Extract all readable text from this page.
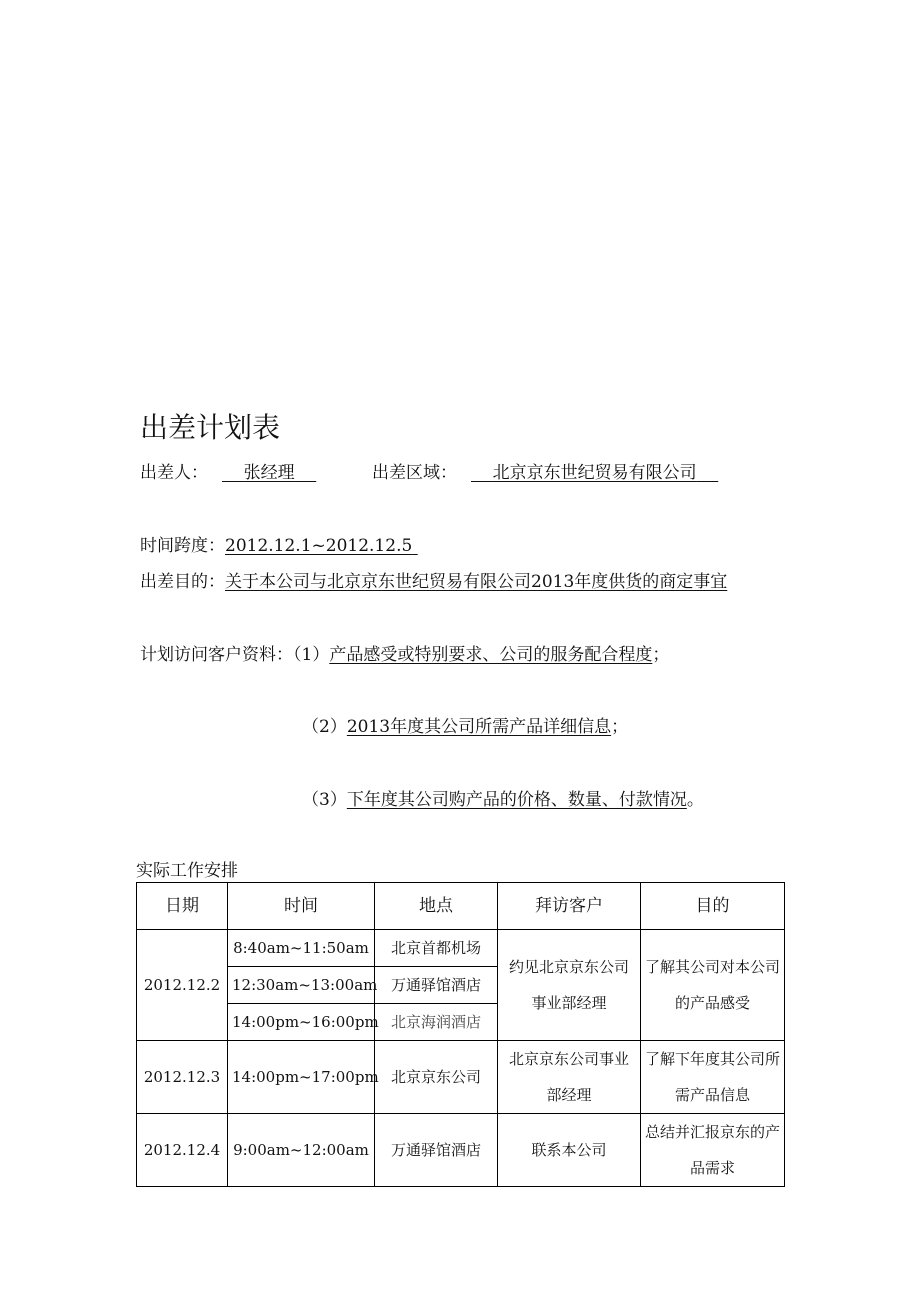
出差计划表
出差人： 张经理	出差区域： 北京京东世纪贸易有限公司
时间跨度：2012.12.1~2012.12.5
出差目的：关于本公司与北京京东世纪贸易有限公司2013年度供货的商定事宜
计划访问客户资料：（1）产品感受或特别要求、公司的服务配合程度；
（2）2013年度其公司所需产品详细信息；
（3）下年度其公司购产品的价格、数量、付款情况。
实际工作安排
日期	时间	地点	拜访客户	目的
2012.12.2	8:40am~11:50am	北京首都机场	约见北京京东公司事业部经理	了解其公司对本公司的产品感受
	12:30am~13:00am	万通驿馆酒店		
	14:00pm~16:00pm	北京海润酒店		
2012.12.3	14:00pm~17:00pm	北京京东公司	北京京东公司事业部经理	了解下年度其公司所需产品信息
2012.12.4	9:00am~12:00am	万通驿馆酒店	联系本公司	总结并汇报京东的产品需求
